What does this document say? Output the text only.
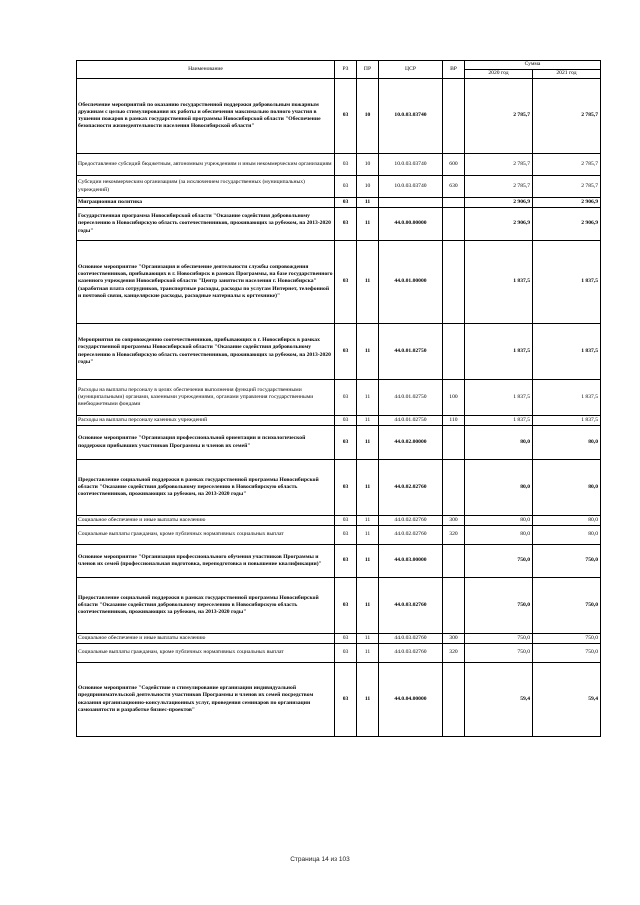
Наименование	РЗ	ПР	ЦСР	ВР	Сумма	
					2020 год	2021 год
Обеспечение мероприятий по оказанию государственной поддержки добровольным пожарным дружинам с целью стимулирования их работы и обеспечения максимально полного участия в тушении пожаров в рамках государственной программы Новосибирской области "Обеспечение безопасности жизнедеятельности населения Новосибирской области"	03	10	10.0.03.03740		2 785,7	2 785,7
Предоставление субсидий бюджетным, автономным учреждениям и иным некоммерческим организациям	03	10	10.0.03.03740	600	2 785,7	2 785,7
Субсидии некоммерческим организациям (за исключением государственных (муниципальных) учреждений)	03	10	10.0.03.03740	630	2 785,7	2 785,7
Миграционная политика	03	11			2 906,9	2 906,9
Государственная программа Новосибирской области "Оказание содействия добровольному переселению в Новосибирскую область соотечественников, проживающих за рубежом, на 2013-2020 годы"	03	11	44.0.00.00000		2 906,9	2 906,9
Основное мероприятие "Организация и обеспечение деятельности службы сопровождения соотечественников, прибывающих в г. Новосибирск в рамках Программы, на базе государственного казенного учреждения Новосибирской области "Центр занятости населения г. Новосибирска" (заработная плата сотрудников, транспортные расходы, расходы по услугам Интернет, телефонной и почтовой связи, канцелярские расходы, расходные материалы к оргтехнике)"	03	11	44.0.01.00000		1 837,5	1 837,5
Мероприятия по сопровождению соотечественников, прибывающих в г. Новосибирск в рамках государственной программы Новосибирской области "Оказание содействия добровольному переселению в Новосибирскую область соотечественников, проживающих за рубежом, на 2013-2020 годы"	03	11	44.0.01.02750		1 837,5	1 837,5
Расходы на выплаты персоналу в целях обеспечения выполнения функций государственными (муниципальными) органами, казенными учреждениями, органами управления государственными внебюджетными фондами	03	11	44.0.01.02750	100	1 837,5	1 837,5
Расходы на выплаты персоналу казенных учреждений	03	11	44.0.01.02750	110	1 837,5	1 837,5
Основное мероприятие "Организация профессиональной ориентации и психологической поддержки прибывших участников Программы и членов их семей"	03	11	44.0.02.00000		80,0	80,0
Предоставление социальной поддержки в рамках государственной программы Новосибирской области "Оказание содействия добровольному переселению в Новосибирскую область соотечественников, проживающих за рубежом, на 2013-2020 годы"	03	11	44.0.02.02760		80,0	80,0
Социальное обеспечение и иные выплаты населению	03	11	44.0.02.02760	300	80,0	80,0
Социальные выплаты гражданам, кроме публичных нормативных социальных выплат	03	11	44.0.02.02760	320	80,0	80,0
Основное мероприятие "Организация профессионального обучения участников Программы и членов их семей (профессиональная подготовка, переподготовка и повышение квалификации)"	03	11	44.0.03.00000		750,0	750,0
Предоставление социальной поддержки в рамках государственной программы Новосибирской области "Оказание содействия добровольному переселению в Новосибирскую область соотечественников, проживающих за рубежом, на 2013-2020 годы"	03	11	44.0.03.02760		750,0	750,0
Социальное обеспечение и иные выплаты населению	03	11	44.0.03.02760	300	750,0	750,0
Социальные выплаты гражданам, кроме публичных нормативных социальных выплат	03	11	44.0.03.02760	320	750,0	750,0
Основное мероприятие "Содействие и стимулирование организации индивидуальной предпринимательской деятельности участников Программы и членов их семей посредством оказания организационно-консультационных услуг, проведения семинаров по организации самозанятости и разработке бизнес-проектов"	03	11	44.0.04.00000		59,4	59,4
Страница 14 из 103
